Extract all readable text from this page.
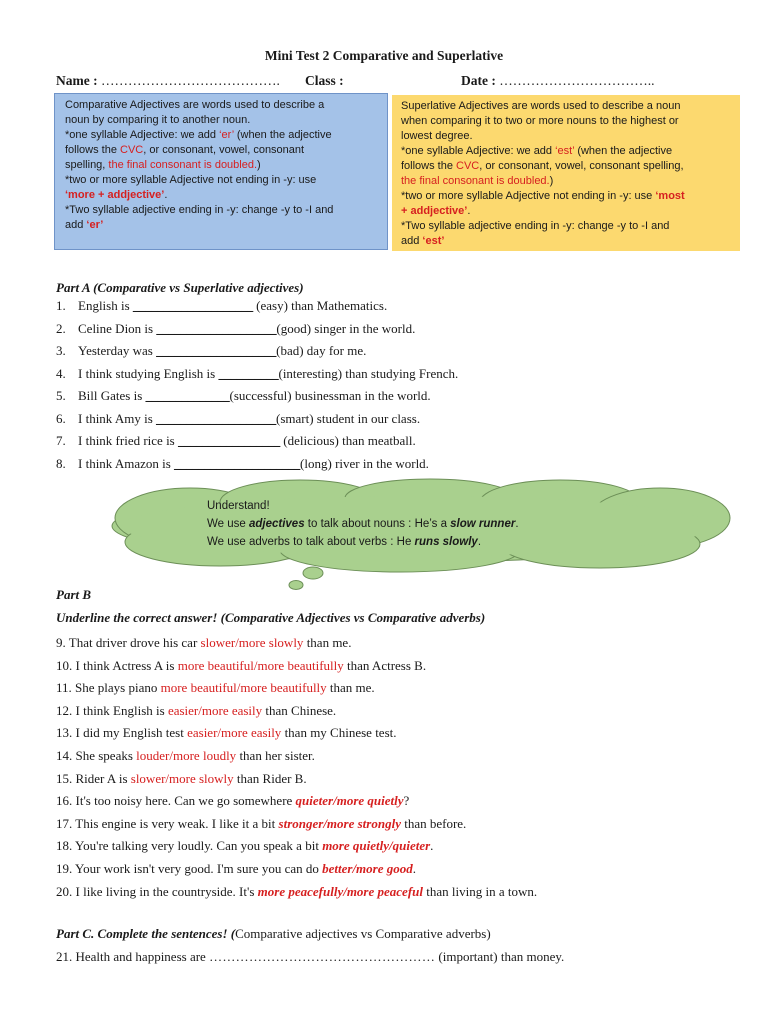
Mini Test 2 Comparative and Superlative
Name : …………………………………. Class :	Date : ……………………………..
Comparative Adjectives are words used to describe a
noun by comparing it to another noun.
*one syllable Adjective: we add ‘er’ (when the adjective
follows the CVC, or consonant, vowel, consonant
spelling, the final consonant is doubled.)
*two or more syllable Adjective not ending in -y: use
‘more + addjective’.
*Two syllable adjective ending in -y: change -y to -I and
add ‘er’
Superlative Adjectives are words used to describe a noun
when comparing it to two or more nouns to the highest or
lowest degree.
*one syllable Adjective: we add ‘est’ (when the adjective
follows the CVC, or consonant, vowel, consonant spelling,
the final consonant is doubled.)
*two or more syllable Adjective not ending in -y: use ‘most
+ addjective’.
*Two syllable adjective ending in -y: change -y to -I and
add ‘est’
Part A (Comparative vs Superlative adjectives)
1. English is ____________________ (easy) than Mathematics.
2. Celine Dion is ____________________(good) singer in the world.
3. Yesterday was ____________________(bad) day for me.
4. I think studying English is __________(interesting) than studying French.
5. Bill Gates is ______________(successful) businessman in the world.
6. I think Amy is ____________________(smart) student in our class.
7. I think fried rice is _________________ (delicious) than meatball.
8. I think Amazon is _____________________(long) river in the world.
Understand!
We use adjectives to talk about nouns : He’s a slow runner.
We use adverbs to talk about verbs : He runs slowly.
Part B
Underline the correct answer! (Comparative Adjectives vs Comparative adverbs)
9. That driver drove his car slower/more slowly than me.
10. I think Actress A is more beautiful/more beautifully than Actress B.
11. She plays piano more beautiful/more beautifully than me.
12. I think English is easier/more easily than Chinese.
13. I did my English test easier/more easily than my Chinese test.
14. She speaks louder/more loudly than her sister.
15. Rider A is slower/more slowly than Rider B.
16. It's too noisy here. Can we go somewhere quieter/more quietly?
17. This engine is very weak. I like it a bit stronger/more strongly than before.
18. You're talking very loudly. Can you speak a bit more quietly/quieter.
19. Your work isn't very good. I'm sure you can do better/more good.
20. I like living in the countryside. It's more peacefully/more peaceful than living in a town.
Part C. Complete the sentences! (Comparative adjectives vs Comparative adverbs)
21. Health and happiness are …………………………………………… (important) than money.
